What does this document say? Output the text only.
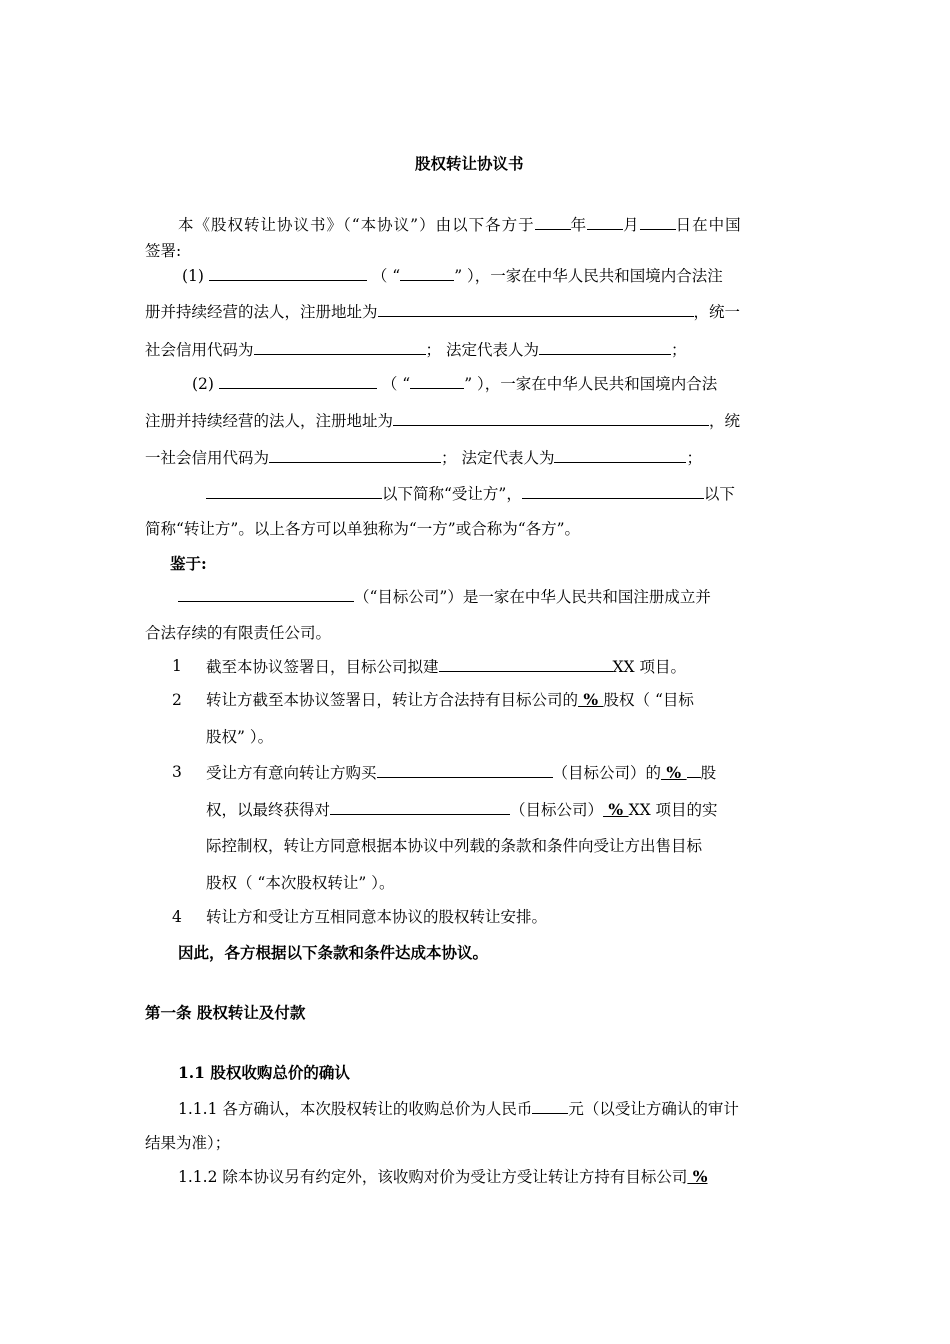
股权转让协议书
本《股权转让协议书》（“本协议”）由以下各方于 年 月 日在中国
签署:
(1)	（ “	” ），一家在中华人民共和国境内合法注
册并持续经营的法人，注册地址为	，统一
社会信用代码为	； 法定代表人为	；
(2)	（ “	” ），一家在中华人民共和国境内合法
注册并持续经营的法人，注册地址为	，统
一社会信用代码为	； 法定代表人为	；
以下简称“受让方”，	以下
简称“转让方”。以上各方可以单独称为“一方”或合称为“各方”。
鉴于:
（“目标公司”）是一家在中华人民共和国注册成立并
合法存续的有限责任公司。
1 截至本协议签署日，目标公司拟建	XX 项目。
2 转让方截至本协议签署日，转让方合法持有目标公司的 % 股权（ “目标
股权” ）。
3 受让方有意向转让方购买	（目标公司）的 % 股
权，以最终获得对	（目标公司） % XX 项目的实
际控制权，转让方同意根据本协议中列载的条款和条件向受让方出售目标
股权（ “本次股权转让” ）。
4 转让方和受让方互相同意本协议的股权转让安排。
因此，各方根据以下条款和条件达成本协议。
第一条 股权转让及付款
1.1 股权收购总价的确认
1.1.1 各方确认，本次股权转让的收购总价为人民币 元（以受让方确认的审计
结果为准）；
1.1.2 除本协议另有约定外，该收购对价为受让方受让转让方持有目标公司 %
